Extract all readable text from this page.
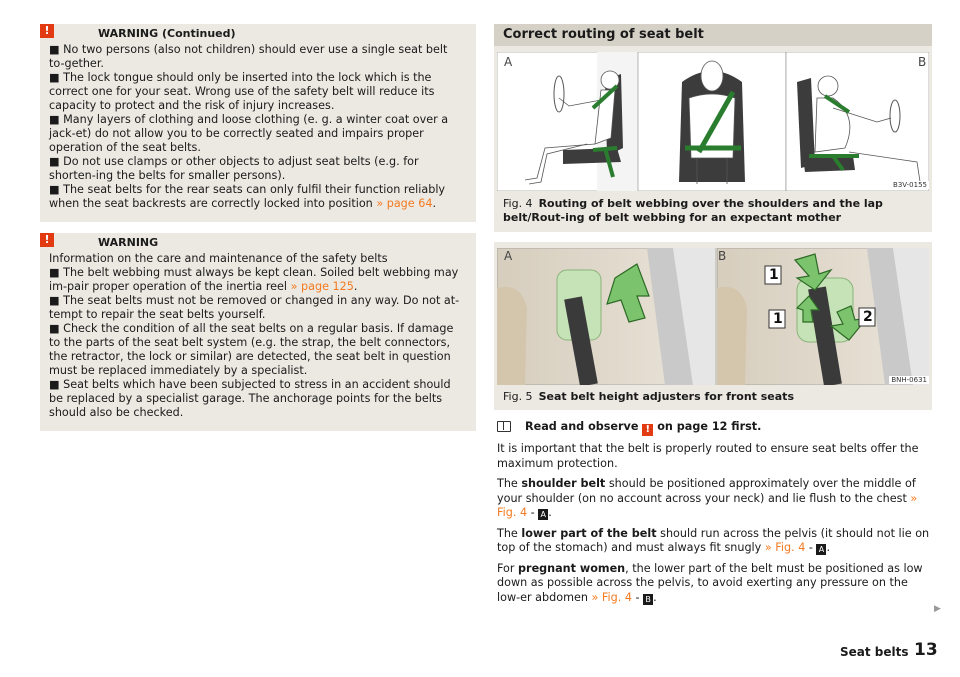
!	WARNING (Continued)

■ No two persons (also not children) should ever use a single seat belt to-gether.

■ The lock tongue should only be inserted into the lock which is the correct one for your seat. Wrong use of the safety belt will reduce its capacity to protect and the risk of injury increases.

■ Many layers of clothing and loose clothing (e. g. a winter coat over a jack-et) do not allow you to be correctly seated and impairs proper operation of the seat belts.

■ Do not use clamps or other objects to adjust seat belts (e.g. for shorten-ing the belts for smaller persons).

■ The seat belts for the rear seats can only fulfil their function reliably when the seat backrests are correctly locked into position » page 64.

!	WARNING

Information on the care and maintenance of the safety belts

■ The belt webbing must always be kept clean. Soiled belt webbing may im-pair proper operation of the inertia reel » page 125.

■ The seat belts must not be removed or changed in any way. Do not at-tempt to repair the seat belts yourself.

■ Check the condition of all the seat belts on a regular basis. If damage to the parts of the seat belt system (e.g. the strap, the belt connectors, the retractor, the lock or similar) are detected, the seat belt in question must be replaced immediately by a specialist.

■ Seat belts which have been subjected to stress in an accident should be replaced by a specialist garage. The anchorage points for the belts should also be checked.

Correct routing of seat belt
A	B
B3V-0155
Fig. 4 Routing of belt webbing over the shoulders and the lap belt/Rout-ing of belt webbing for an expectant mother
A	B
1
1	2
BNH-0631
Fig. 5 Seat belt height adjusters for front seats

Read and observe ! on page 12 first.

It is important that the belt is properly routed to ensure seat belts offer the maximum protection.

The shoulder belt should be positioned approximately over the middle of your shoulder (on no account across your neck) and lie flush to the chest » Fig. 4 - A .

The lower part of the belt should run across the pelvis (it should not lie on top of the stomach) and must always fit snugly » Fig. 4 - A .

For pregnant women, the lower part of the belt must be positioned as low down as possible across the pelvis, to avoid exerting any pressure on the low-er abdomen » Fig. 4 - B .

▶
Seat belts 13
